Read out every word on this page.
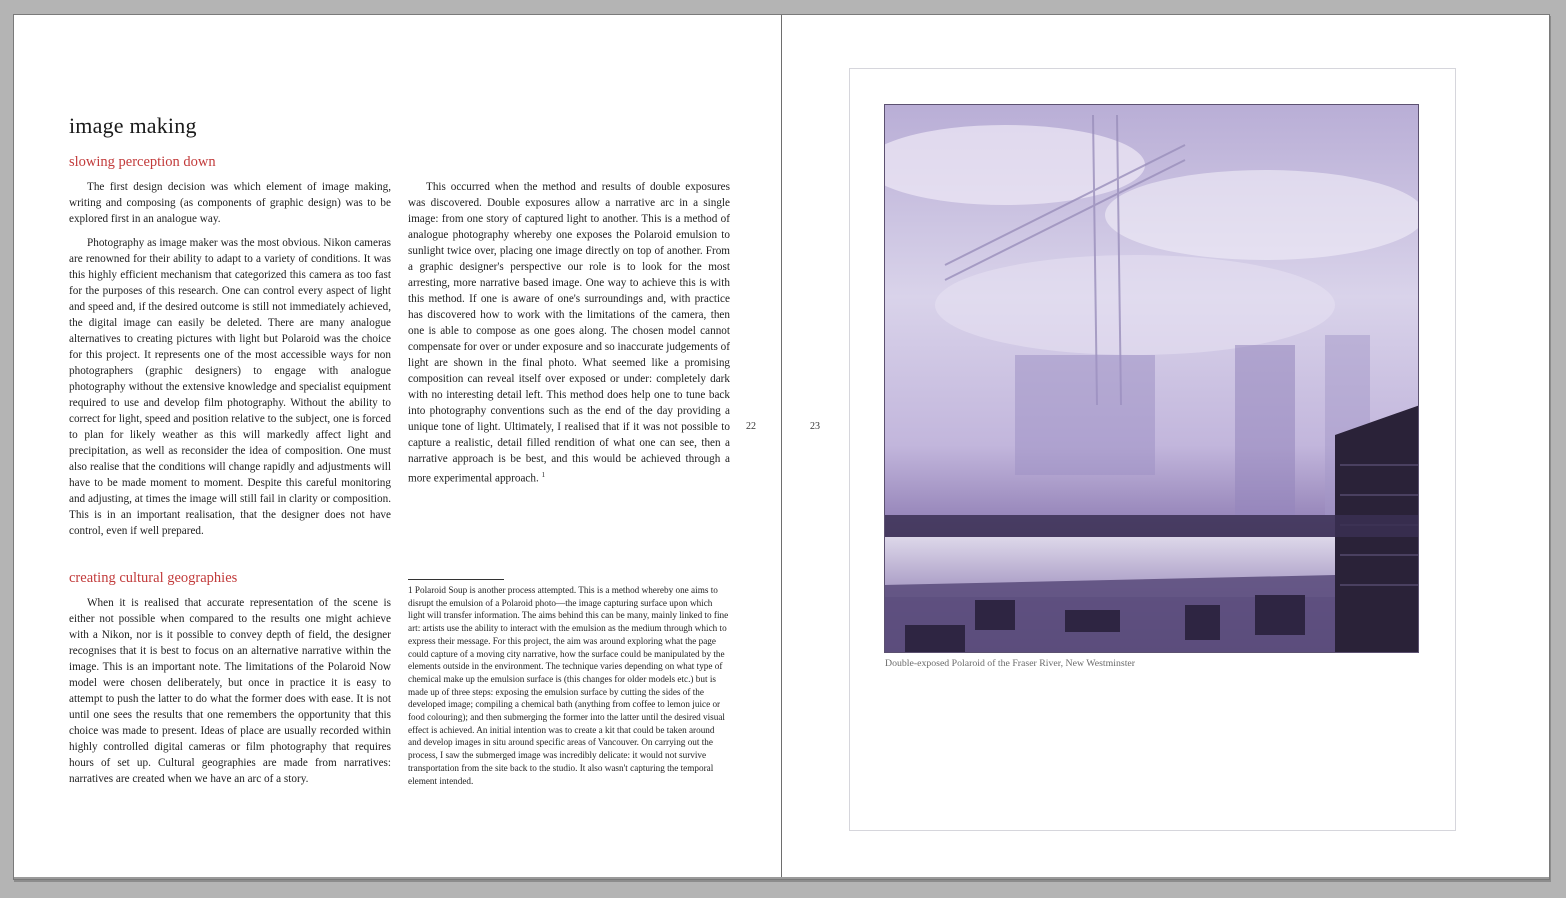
image making
slowing perception down

The first design decision was which element of image making, writing and composing (as components of graphic design) was to be explored first in an analogue way.

Photography as image maker was the most obvious. Nikon cameras are renowned for their ability to adapt to a variety of conditions. It was this highly efficient mechanism that categorized this camera as too fast for the purposes of this research. One can control every aspect of light and speed and, if the desired outcome is still not immediately achieved, the digital image can easily be deleted. There are many analogue alternatives to creating pictures with light but Polaroid was the choice for this project. It represents one of the most accessible ways for non photographers (graphic designers) to engage with analogue photography without the extensive knowledge and specialist equipment required to use and develop film photography. Without the ability to correct for light, speed and position relative to the subject, one is forced to plan for likely weather as this will markedly affect light and precipitation, as well as reconsider the idea of composition. One must also realise that the conditions will change rapidly and adjustments will have to be made moment to moment. Despite this careful monitoring and adjusting, at times the image will still fail in clarity or composition. This is in an important realisation, that the designer does not have control, even if well prepared.

creating cultural geographies

When it is realised that accurate representation of the scene is either not possible when compared to the results one might achieve with a Nikon, nor is it possible to convey depth of field, the designer recognises that it is best to focus on an alternative narrative within the image. This is an important note. The limitations of the Polaroid Now model were chosen deliberately, but once in practice it is easy to attempt to push the latter to do what the former does with ease. It is not until one sees the results that one remembers the opportunity that this choice was made to present. Ideas of place are usually recorded within highly controlled digital cameras or film photography that requires hours of set up. Cultural geographies are made from narratives: narratives are created when we have an arc of a story.

This occurred when the method and results of double exposures was discovered. Double exposures allow a narrative arc in a single image: from one story of captured light to another. This is a method of analogue photography whereby one exposes the Polaroid emulsion to sunlight twice over, placing one image directly on top of another. From a graphic designer's perspective our role is to look for the most arresting, more narrative based image. One way to achieve this is with this method. If one is aware of one's surroundings and, with practice has discovered how to work with the limitations of the camera, then one is able to compose as one goes along. The chosen model cannot compensate for over or under exposure and so inaccurate judgements of light are shown in the final photo. What seemed like a promising composition can reveal itself over exposed or under: completely dark with no interesting detail left. This method does help one to tune back into photography conventions such as the end of the day providing a unique tone of light. Ultimately, I realised that if it was not possible to capture a realistic, detail filled rendition of what one can see, then a narrative approach is be best, and this would be achieved through a more experimental approach. $^1$

1 Polaroid Soup is another process attempted. This is a method whereby one aims to disrupt the emulsion of a Polaroid photo—the image capturing surface upon which light will transfer information. The aims behind this can be many, mainly linked to fine art: artists use the ability to interact with the emulsion as the medium through which to express their message. For this project, the aim was around exploring what the page could capture of a moving city narrative, how the surface could be manipulated by the elements outside in the environment. The technique varies depending on what type of chemical make up the emulsion surface is (this changes for older models etc.) but is made up of three steps: exposing the emulsion surface by cutting the sides of the developed image; compiling a chemical bath (anything from coffee to lemon juice or food colouring); and then submerging the former into the latter until the desired visual effect is achieved. An initial intention was to create a kit that could be taken around and develop images in situ around specific areas of Vancouver. On carrying out the process, I saw the submerged image was incredibly delicate: it would not survive transportation from the site back to the studio. It also wasn't capturing the temporal element intended.
22	23
Double-exposed Polaroid of the Fraser River, New Westminster
